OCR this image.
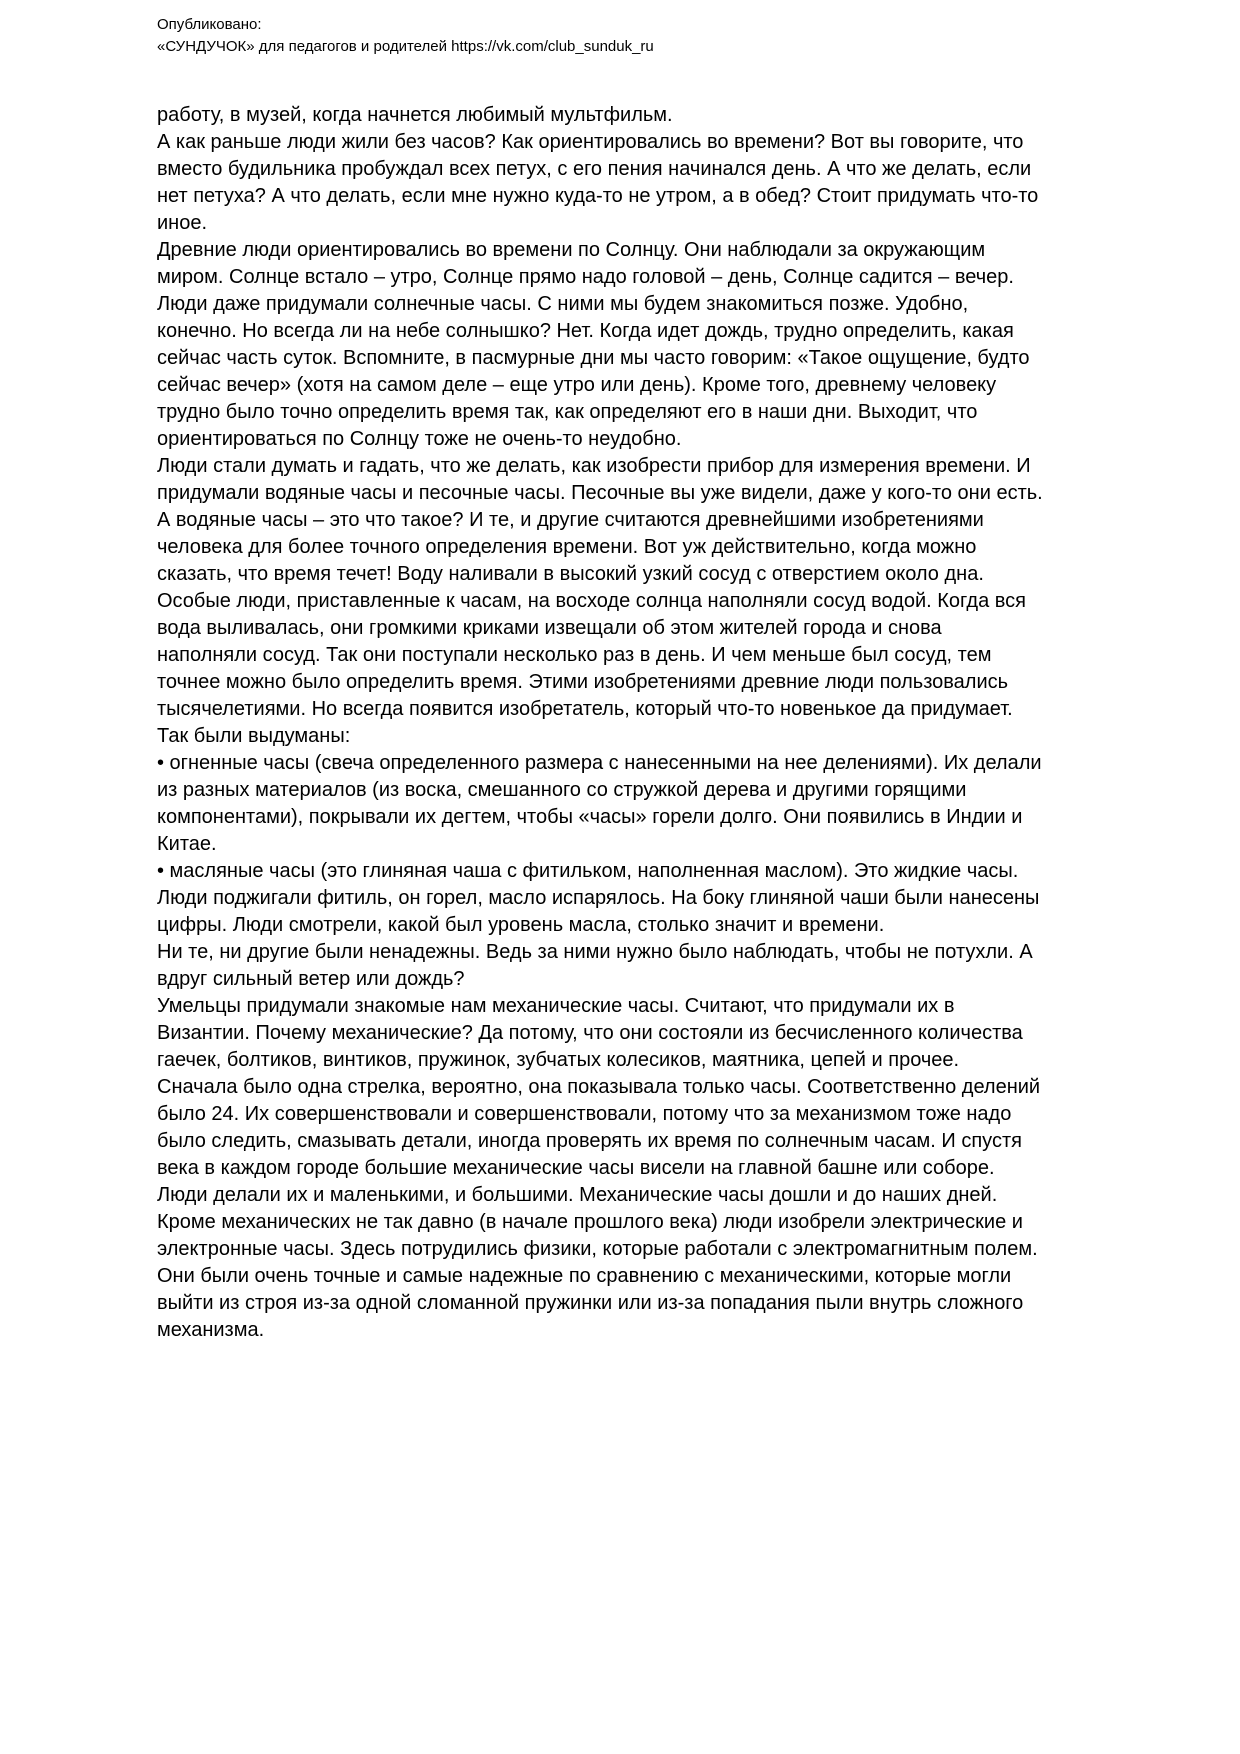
Опубликовано:
«СУНДУЧОК» для педагогов и родителей https://vk.com/club_sunduk_ru

работу, в музей, когда начнется любимый мультфильм.

А как раньше люди жили без часов? Как ориентировались во времени? Вот вы говорите, что вместо будильника пробуждал всех петух, с его пения начинался день. А что же делать, если нет петуха? А что делать, если мне нужно куда-то не утром, а в обед? Стоит придумать что-то иное.

Древние люди ориентировались во времени по Солнцу. Они наблюдали за окружающим миром. Солнце встало – утро, Солнце прямо надо головой – день, Солнце садится – вечер. Люди даже придумали солнечные часы. С ними мы будем знакомиться позже. Удобно, конечно. Но всегда ли на небе солнышко? Нет. Когда идет дождь, трудно определить, какая сейчас часть суток. Вспомните, в пасмурные дни мы часто говорим: «Такое ощущение, будто сейчас вечер» (хотя на самом деле – еще утро или день). Кроме того, древнему человеку трудно было точно определить время так, как определяют его в наши дни. Выходит, что ориентироваться по Солнцу тоже не очень-то неудобно.

Люди стали думать и гадать, что же делать, как изобрести прибор для измерения времени. И придумали водяные часы и песочные часы. Песочные вы уже видели, даже у кого-то они есть. А водяные часы – это что такое? И те, и другие считаются древнейшими изобретениями человека для более точного определения времени. Вот уж действительно, когда можно сказать, что время течет! Воду наливали в высокий узкий сосуд с отверстием около дна. Особые люди, приставленные к часам, на восходе солнца наполняли сосуд водой. Когда вся вода выливалась, они громкими криками извещали об этом жителей города и снова наполняли сосуд. Так они поступали несколько раз в день. И чем меньше был сосуд, тем точнее можно было определить время. Этими изобретениями древние люди пользовались тысячелетиями. Но всегда появится изобретатель, который что-то новенькое да придумает.

Так были выдуманы:

• огненные часы (свеча определенного размера с нанесенными на нее делениями). Их делали из разных материалов (из воска, смешанного со стружкой дерева и другими горящими компонентами), покрывали их дегтем, чтобы «часы» горели долго. Они появились в Индии и Китае.

• масляные часы (это глиняная чаша с фитильком, наполненная маслом). Это жидкие часы. Люди поджигали фитиль, он горел, масло испарялось. На боку глиняной чаши были нанесены цифры. Люди смотрели, какой был уровень масла, столько значит и времени.

Ни те, ни другие были ненадежны. Ведь за ними нужно было наблюдать, чтобы не потухли. А вдруг сильный ветер или дождь?

Умельцы придумали знакомые нам механические часы. Считают, что придумали их в Византии. Почему механические? Да потому, что они состояли из бесчисленного количества гаечек, болтиков, винтиков, пружинок, зубчатых колесиков, маятника, цепей и прочее. Сначала было одна стрелка, вероятно, она показывала только часы. Соответственно делений было 24. Их совершенствовали и совершенствовали, потому что за механизмом тоже надо было следить, смазывать детали, иногда проверять их время по солнечным часам. И спустя века в каждом городе большие механические часы висели на главной башне или соборе. Люди делали их и маленькими, и большими. Механические часы дошли и до наших дней.

Кроме механических не так давно (в начале прошлого века) люди изобрели электрические и электронные часы. Здесь потрудились физики, которые работали с электромагнитным полем. Они были очень точные и самые надежные по сравнению с механическими, которые могли выйти из строя из-за одной сломанной пружинки или из-за попадания пыли внутрь сложного механизма.
